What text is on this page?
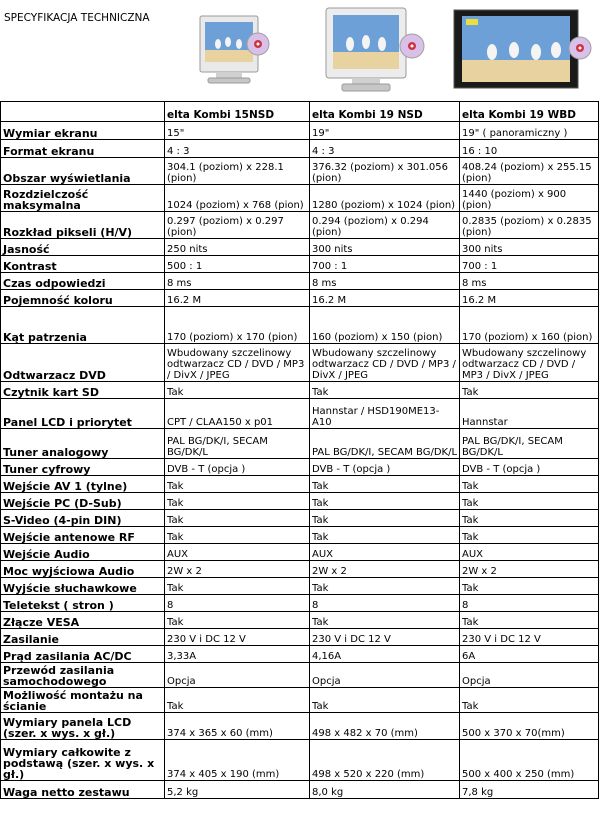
SPECYFIKACJA TECHNICZNA
	elta Kombi 15NSD	elta Kombi 19 NSD	elta Kombi 19 WBD
Wymiar ekranu	15"	19"	19" ( panoramiczny )
Format ekranu	4 : 3	4 : 3	16 : 10
Obszar wyświetlania	304.1 (poziom) x 228.1 (pion)	376.32 (poziom) x 301.056 (pion)	408.24 (poziom) x 255.15 (pion)
Rozdzielczość maksymalna	1024 (poziom) x 768 (pion)	1280 (poziom) x 1024 (pion)	1440 (poziom) x 900 (pion)
Rozkład pikseli (H/V)	0.297 (poziom) x 0.297 (pion)	0.294 (poziom) x 0.294 (pion)	0.2835 (poziom) x 0.2835 (pion)
Jasność	250 nits	300 nits	300 nits
Kontrast	500 : 1	700 : 1	700 : 1
Czas odpowiedzi	8 ms	8 ms	8 ms
Pojemność koloru	16.2 M	16.2 M	16.2 M
Kąt patrzenia	170 (poziom) x 170 (pion)	160 (poziom) x 150 (pion)	170 (poziom) x 160 (pion)
Odtwarzacz DVD	Wbudowany szczelinowy odtwarzacz CD / DVD / MP3 / DivX / JPEG	Wbudowany szczelinowy odtwarzacz CD / DVD / MP3 / DivX / JPEG	Wbudowany szczelinowy odtwarzacz CD / DVD / MP3 / DivX / JPEG
Czytnik kart SD	Tak	Tak	Tak
Panel LCD i priorytet	CPT / CLAA150 x p01	Hannstar / HSD190ME13-A10	Hannstar
Tuner analogowy	PAL BG/DK/I, SECAM BG/DK/L	PAL BG/DK/I, SECAM BG/DK/L	PAL BG/DK/I, SECAM BG/DK/L
Tuner cyfrowy	DVB - T (opcja )	DVB - T (opcja )	DVB - T (opcja )
Wejście AV 1 (tylne)	Tak	Tak	Tak
Wejście PC (D-Sub)	Tak	Tak	Tak
S-Video (4-pin DIN)	Tak	Tak	Tak
Wejście antenowe RF	Tak	Tak	Tak
Wejście Audio	AUX	AUX	AUX
Moc wyjściowa Audio	2W x 2	2W x 2	2W x 2
Wyjście słuchawkowe	Tak	Tak	Tak
Teletekst ( stron )	8	8	8
Złącze VESA	Tak	Tak	Tak
Zasilanie	230 V i DC 12 V	230 V i DC 12 V	230 V i DC 12 V
Prąd zasilania AC/DC	3,33A	4,16A	6A
Przewód zasilania samochodowego	Opcja	Opcja	Opcja
Możliwość montażu na ścianie	Tak	Tak	Tak
Wymiary panela LCD (szer. x wys. x gł.)	374 x 365 x 60 (mm)	498 x 482 x 70 (mm)	500 x 370 x 70(mm)
Wymiary całkowite z podstawą (szer. x wys. x gł.)	374 x 405 x 190 (mm)	498 x 520 x 220 (mm)	500 x 400 x 250 (mm)
Waga netto zestawu	5,2 kg	8,0 kg	7,8 kg
